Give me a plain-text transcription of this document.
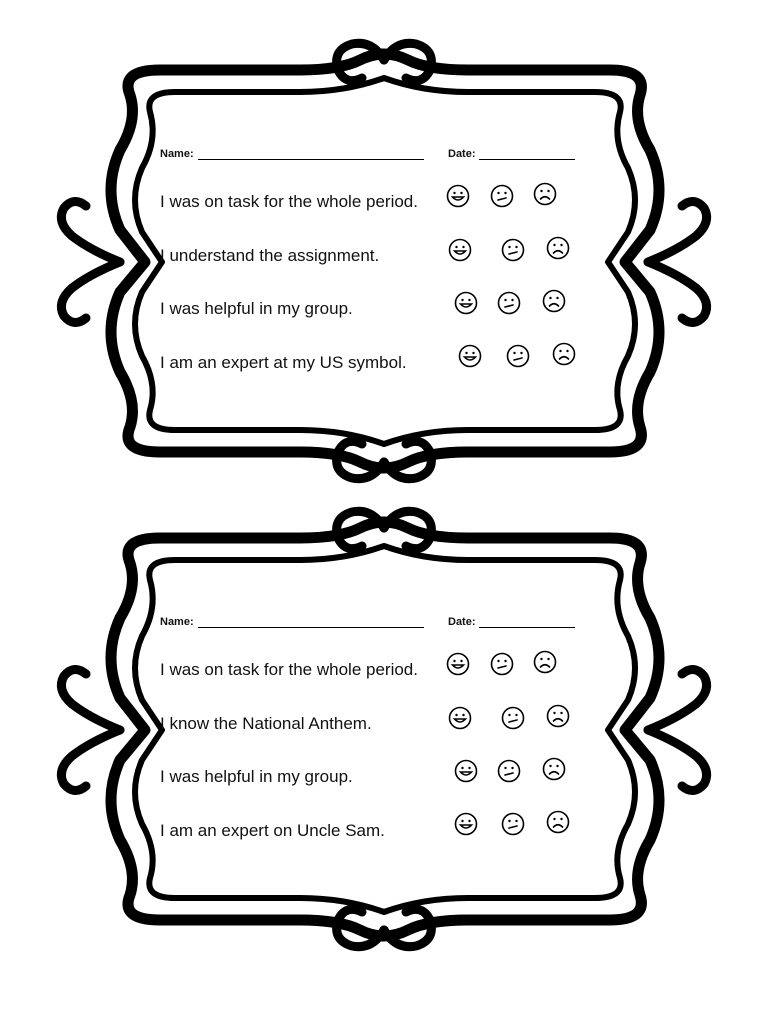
Name:	Date:
I was on task for the whole period.
I understand the assignment.
I was helpful in my group.
I am an expert at my US symbol.
Name:	Date:
I was on task for the whole period.
I know the National Anthem.
I was helpful in my group.
I am an expert on Uncle Sam.
